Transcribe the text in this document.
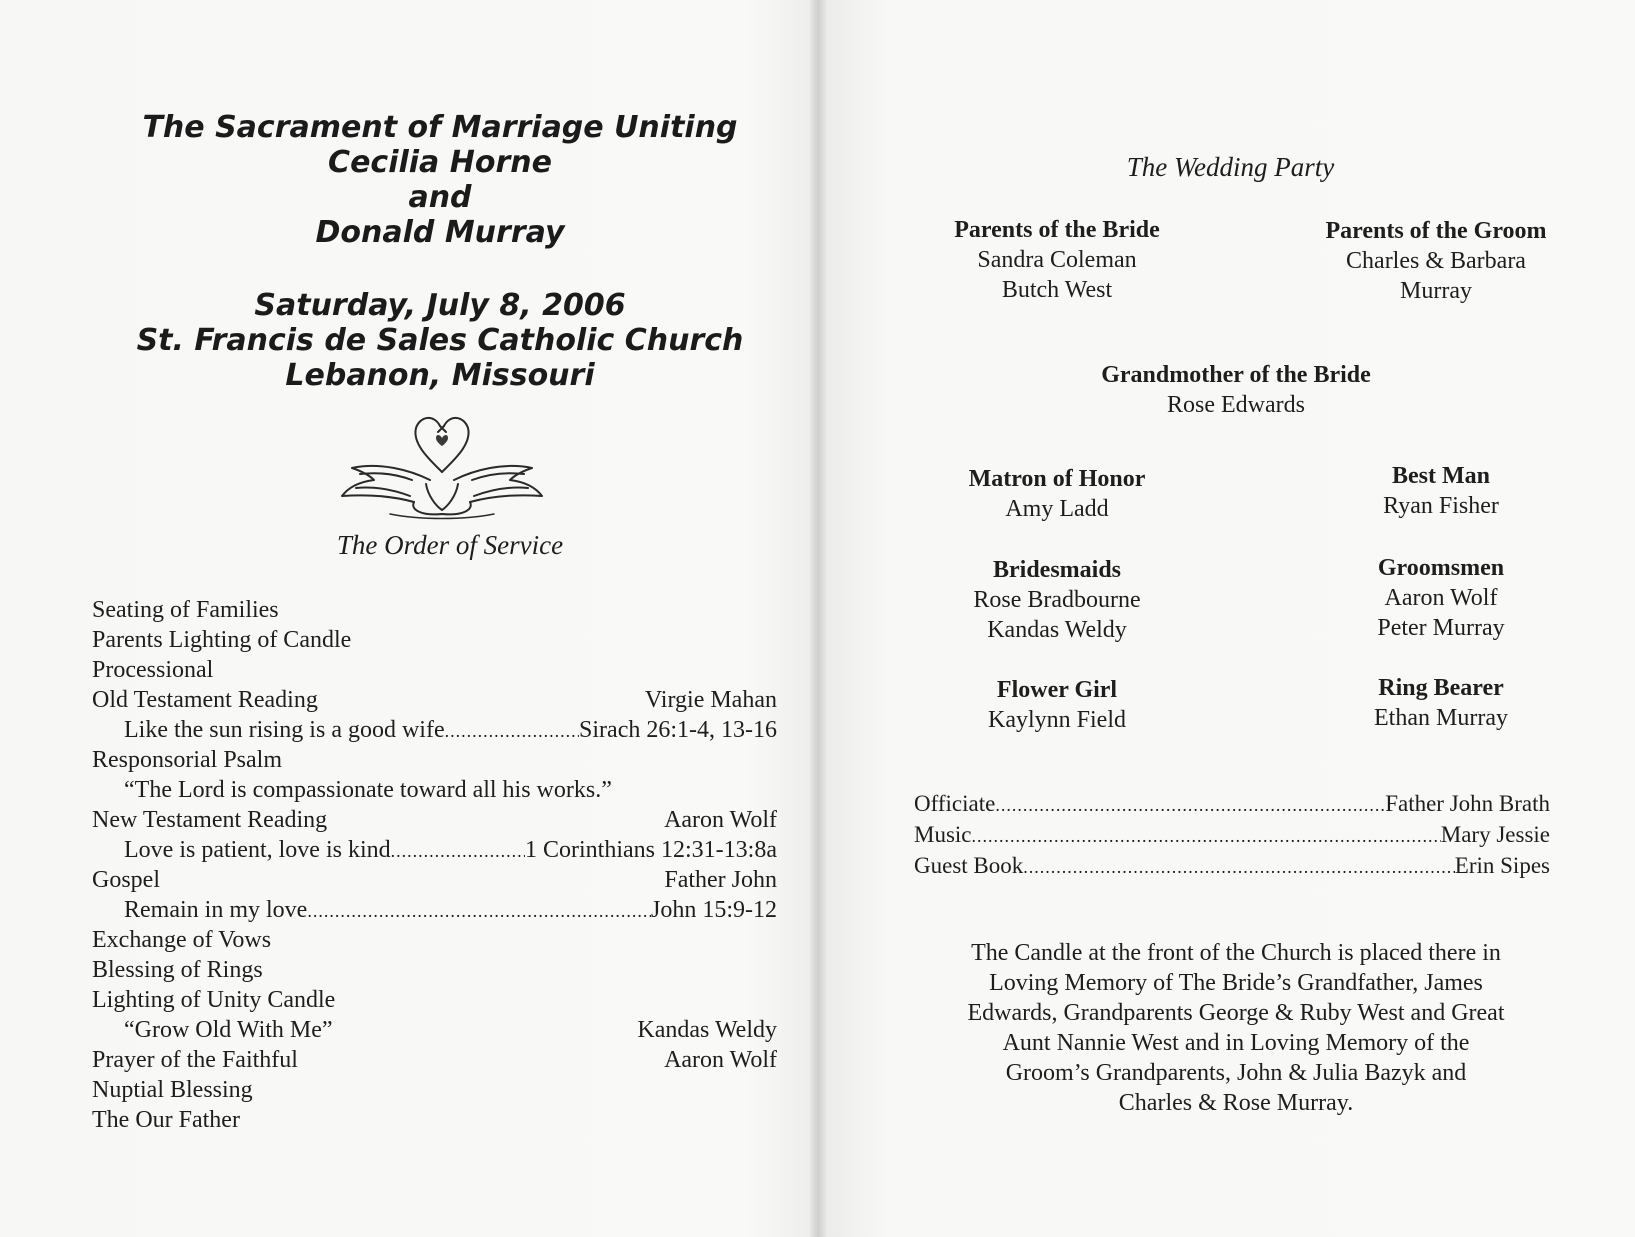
The Sacrament of Marriage Uniting
Cecilia Horne
and
Donald Murray
Saturday, July 8, 2006
St. Francis de Sales Catholic Church
Lebanon, Missouri
The Order of Service
Seating of Families
Parents Lighting of Candle
Processional
Old Testament Reading	Virgie Mahan
Like the sun rising is a good wife .....	Sirach 26:1-4, 13-16
Responsorial Psalm
“The Lord is compassionate toward all his works.”
New Testament Reading	Aaron Wolf
Love is patient, love is kind .....	1 Corinthians 12:31-13:8a
Gospel	Father John
Remain in my love .....	John 15:9-12
Exchange of Vows
Blessing of Rings
Lighting of Unity Candle
“Grow Old With Me”	Kandas Weldy
Prayer of the Faithful	Aaron Wolf
Nuptial Blessing
The Our Father
The Wedding Party
Parents of the Bride
Sandra Coleman
Butch West
Parents of the Groom
Charles & Barbara
Murray
Grandmother of the Bride
Rose Edwards
Matron of Honor
Amy Ladd
Best Man
Ryan Fisher
Bridesmaids
Rose Bradbourne
Kandas Weldy
Groomsmen
Aaron Wolf
Peter Murray
Flower Girl
Kaylynn Field
Ring Bearer
Ethan Murray
Officiate .....	Father John Brath
Music .....	Mary Jessie
Guest Book .....	Erin Sipes
The Candle at the front of the Church is placed there in
Loving Memory of The Bride’s Grandfather, James
Edwards, Grandparents George & Ruby West and Great
Aunt Nannie West and in Loving Memory of the
Groom’s Grandparents, John & Julia Bazyk and
Charles & Rose Murray.
